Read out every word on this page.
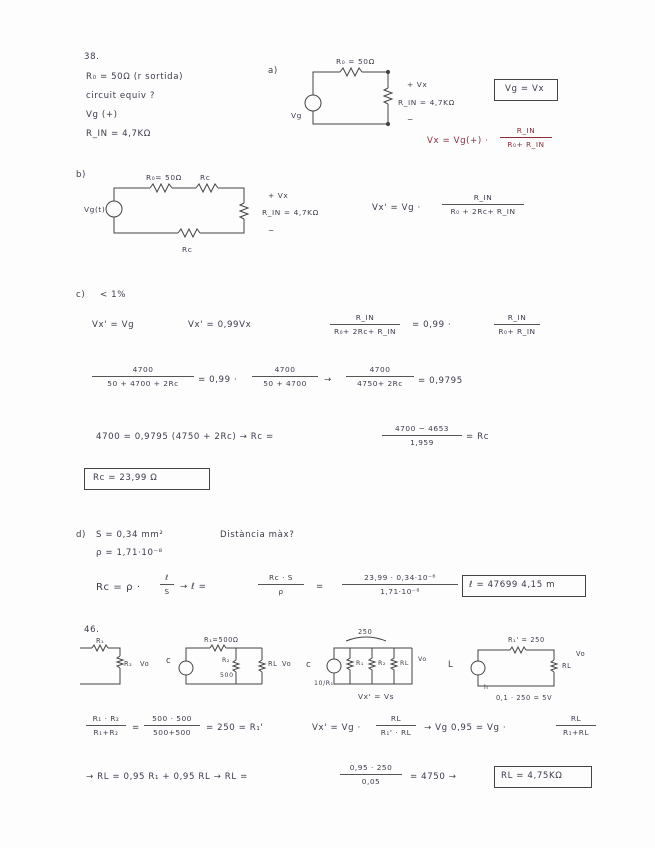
38.
R₀ = 50Ω (r sortida)
circuit equiv ?
Vg (+)
R_IN = 4,7KΩ
a)
R₀ = 50Ω
+ Vx
R_IN = 4,7KΩ
−
Vg
Vg = Vx
Vx = Vg(+) ·
R_IN
R₀+ R_IN
b)	R₀= 50Ω Rc
Rc
Vg(t)
+ Vx
R_IN = 4,7KΩ
−
Vx' = Vg ·
R_IN
R₀ + 2Rc+ R_IN
c) < 1%
Vx' = Vg	Vx' = 0,99Vx
R_IN
R₀+ 2Rc+ R_IN
= 0,99 ·
R_IN
R₀+ R_IN
4700
50 + 4700 + 2Rc	= 0,99 ·
4700
50 + 4700	→
4700
4750+ 2Rc	= 0,9795
4700 = 0,9795 (4750 + 2Rc) → Rc =
4700 − 4653
1,959
= Rc
Rc = 23,99 Ω
d) S = 0,34 mm²	Distància màx?
ρ = 1,71·10⁻⁸
Rc = ρ ·
ℓ
S	→ ℓ =
Rc · S
ρ	=
23,99 · 0,34·10⁻⁶
1,71·10⁻⁸
ℓ = 47699 4,15 m
46.
R₁
R₂ Vo c
R₁=500Ω
R₂
500
RL Vo
250
c	R₁ R₂ RL
Vo
10/R₁
Vx' = Vs
L
R₁' = 250
RL
Vo
h
0,1 · 250 = 5V
R₁ · R₂
R₁+R₂	=
500 · 500
500+500	= 250 = R₁'	Vx' = Vg ·
RL
R₁' · RL	→ Vg 0,95 = Vg ·
RL
R₁+RL
→ RL = 0,95 R₁ + 0,95 RL → RL =
0,95 · 250
0,05	= 4750 →	RL = 4,75KΩ
